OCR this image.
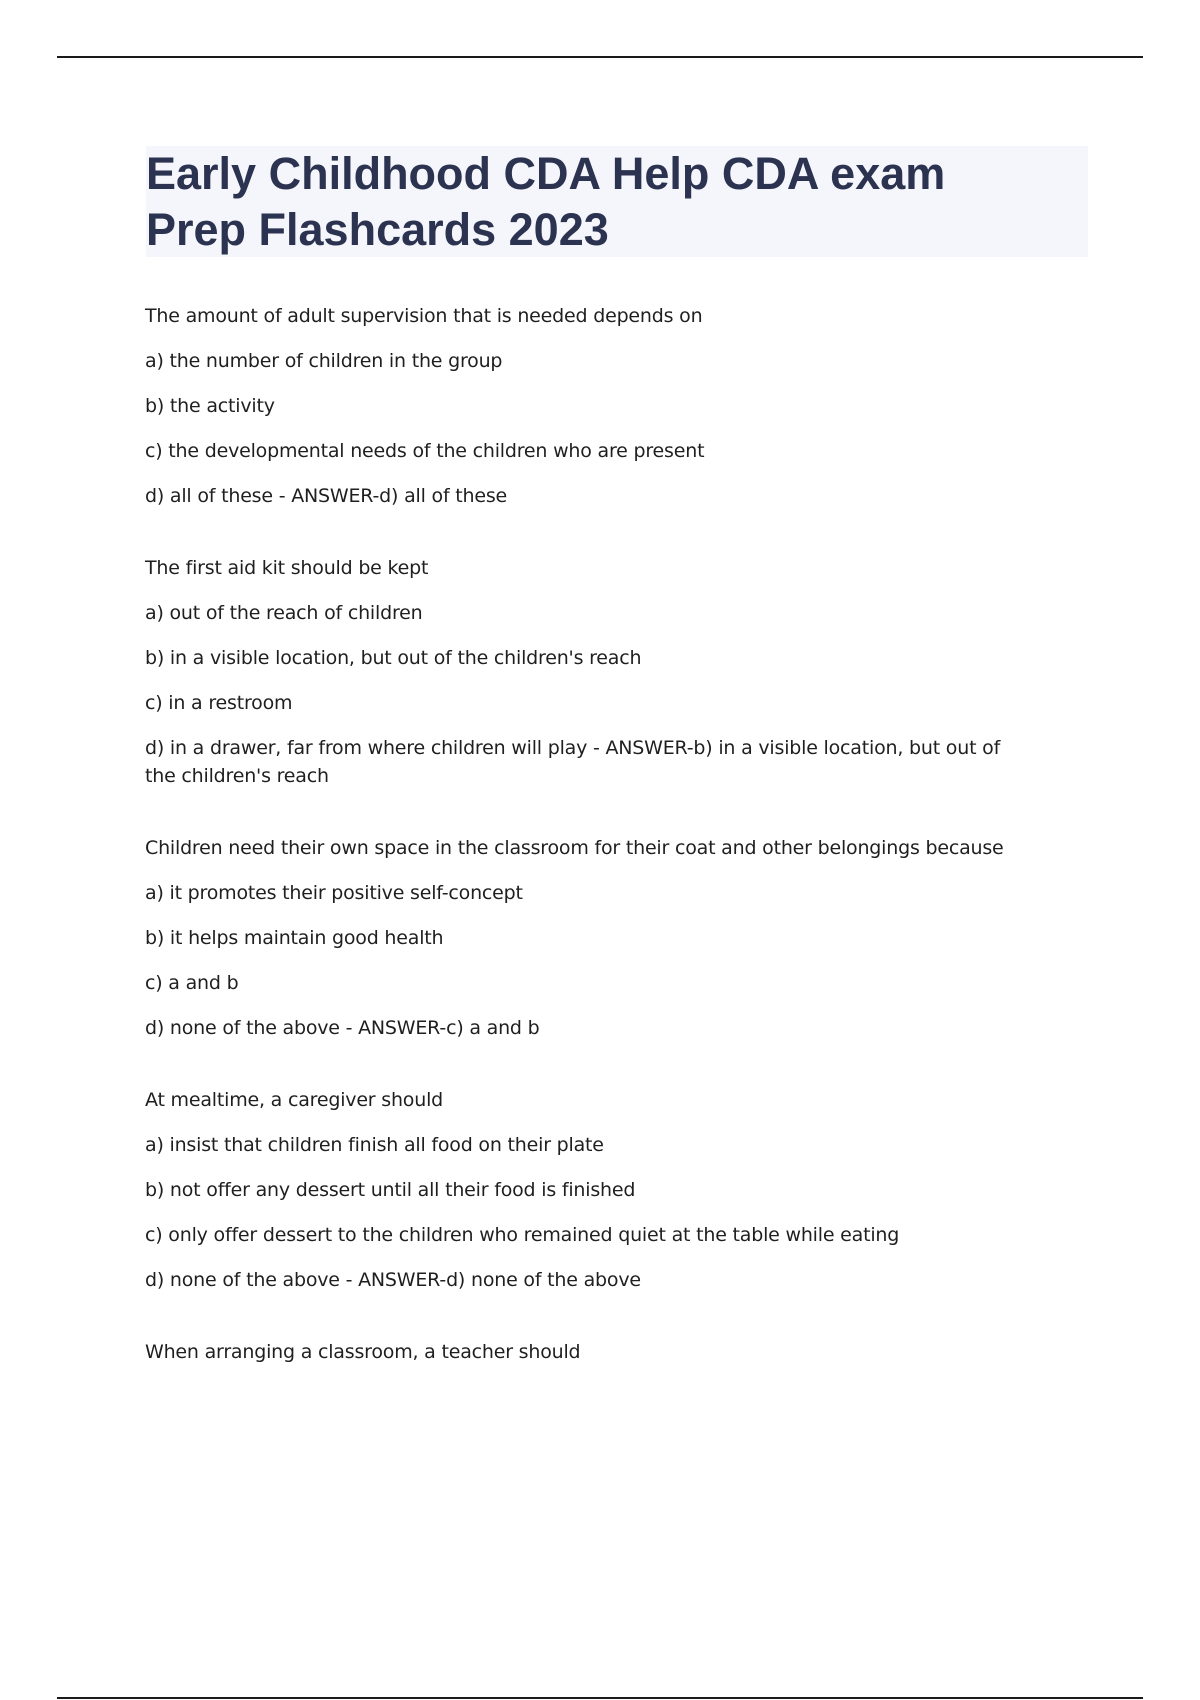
Early Childhood CDA Help CDA exam Prep Flashcards 2023
The amount of adult supervision that is needed depends on
a) the number of children in the group
b) the activity
c) the developmental needs of the children who are present
d) all of these - ANSWER-d) all of these
The first aid kit should be kept
a) out of the reach of children
b) in a visible location, but out of the children's reach
c) in a restroom
d) in a drawer, far from where children will play - ANSWER-b) in a visible location, but out of the children's reach
Children need their own space in the classroom for their coat and other belongings because
a) it promotes their positive self-concept
b) it helps maintain good health
c) a and b
d) none of the above - ANSWER-c) a and b
At mealtime, a caregiver should
a) insist that children finish all food on their plate
b) not offer any dessert until all their food is finished
c) only offer dessert to the children who remained quiet at the table while eating
d) none of the above - ANSWER-d) none of the above
When arranging a classroom, a teacher should
